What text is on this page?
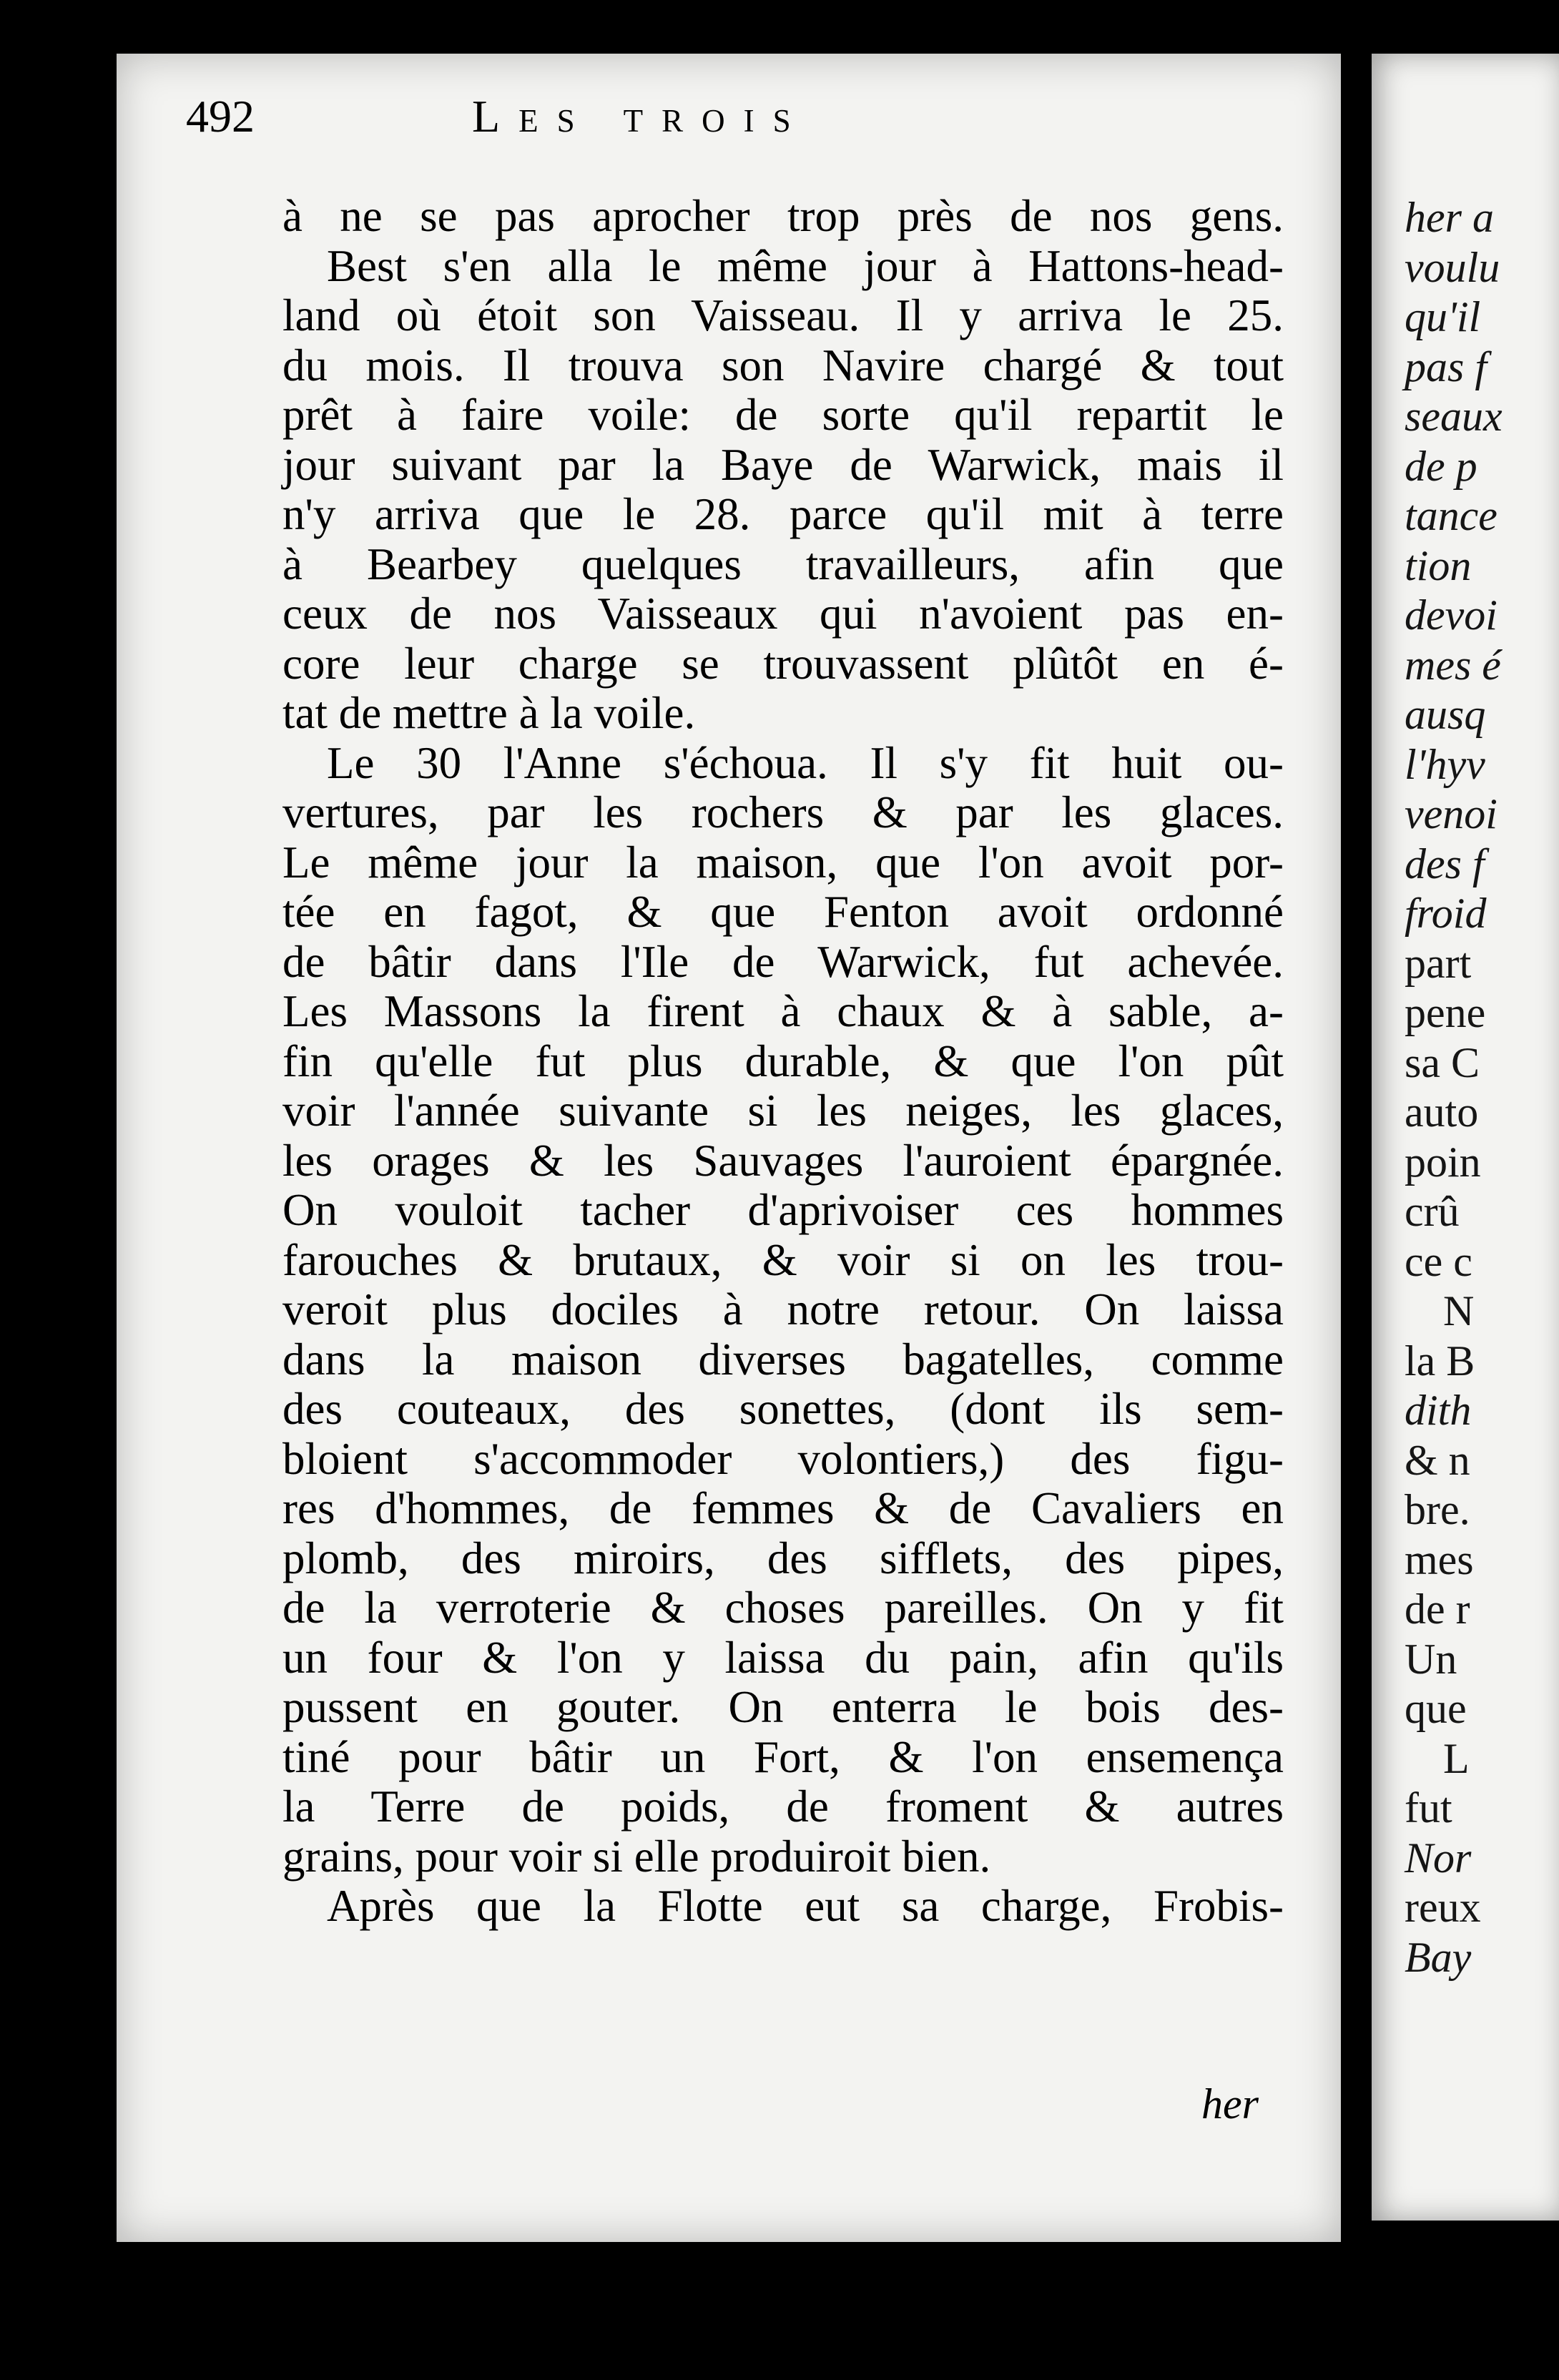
her a
voulu
qu'il
pas f
seaux
de p
tance
tion
devoi
mes é
ausq
l'hyv
venoi
des f
froid
part
pene
sa C
auto
poin
crû
ce c
N
la B
dith
& n
bre.
mes
de r
Un
que
L
fut
Nor
reux
Bay
492	Les trois
à ne se pas aprocher trop près de nos gens.
Best s'en alla le même jour à Hattons-head-
land où étoit son Vaisseau. Il y arriva le 25.
du mois. Il trouva son Navire chargé & tout
prêt à faire voile: de sorte qu'il repartit le
jour suivant par la Baye de Warwick, mais il
n'y arriva que le 28. parce qu'il mit à terre
à Bearbey quelques travailleurs, afin que
ceux de nos Vaisseaux qui n'avoient pas en-
core leur charge se trouvassent plûtôt en é-
tat de mettre à la voile.
Le 30 l'Anne s'échoua. Il s'y fit huit ou-
vertures, par les rochers & par les glaces.
Le même jour la maison, que l'on avoit por-
tée en fagot, & que Fenton avoit ordonné
de bâtir dans l'Ile de Warwick, fut achevée.
Les Massons la firent à chaux & à sable, a-
fin qu'elle fut plus durable, & que l'on pût
voir l'année suivante si les neiges, les glaces,
les orages & les Sauvages l'auroient épargnée.
On vouloit tacher d'aprivoiser ces hommes
farouches & brutaux, & voir si on les trou-
veroit plus dociles à notre retour. On laissa
dans la maison diverses bagatelles, comme
des couteaux, des sonettes, (dont ils sem-
bloient s'accommoder volontiers,) des figu-
res d'hommes, de femmes & de Cavaliers en
plomb, des miroirs, des sifflets, des pipes,
de la verroterie & choses pareilles. On y fit
un four & l'on y laissa du pain, afin qu'ils
pussent en gouter. On enterra le bois des-
tiné pour bâtir un Fort, & l'on ensemença
la Terre de poids, de froment & autres
grains, pour voir si elle produiroit bien.
Après que la Flotte eut sa charge, Frobis-
her
